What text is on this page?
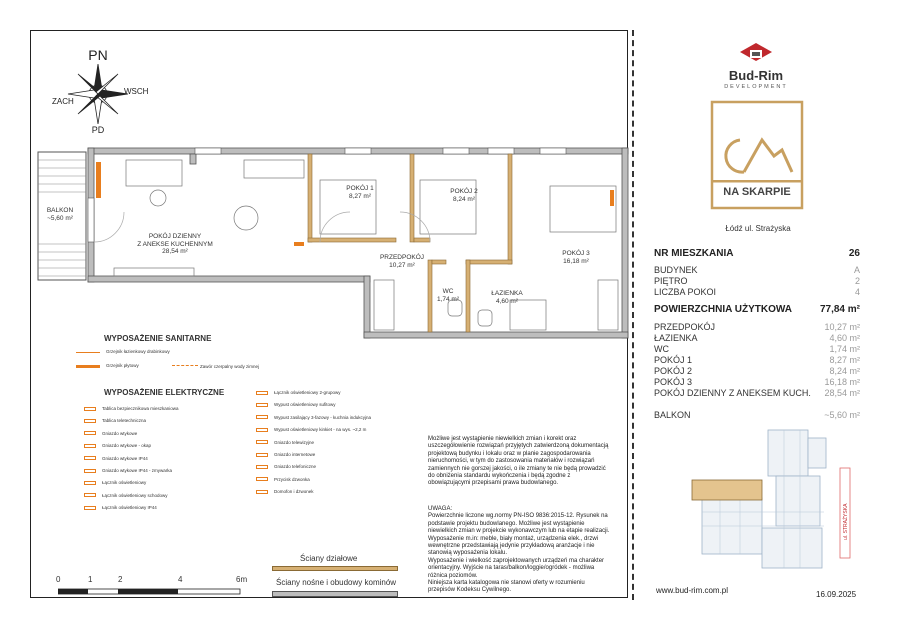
PN
PD
ZACH
WSCH
BALKON
~5,60 m²
POKÓJ DZIENNY
Z ANEKSE KUCHENNYM
28,54 m²
POKÓJ 1
8,27 m²
POKÓJ 2
8,24 m²
PRZEDPOKÓJ
10,27 m²
POKÓJ 3
16,18 m²
WC
1,74 m²
ŁAZIENKA
4,60 m²
WYPOSAŻENIE SANITARNE
Grzejnik łazienkowy drabinkowy
Grzejnik płytowy	Zawór czerpalny wody zimnej
WYPOSAŻENIE ELEKTRYCZNE
Tablica bezpiecznikowa mieszkaniowa
Tablica teletechniczna
Gniazdo wtykowe
Gniazdo wtykowe - okap
Gniazdo wtykowe IP44
Gniazdo wtykowe IP44 - zmywarka
Łącznik oświetleniowy
Łącznik oświetleniowy schodowy
Łącznik oświetleniowy IP44
Łącznik oświetleniowy 2-grupowy
Wypust oświetleniowy sufitowy
Wypust zasilający 3-fazowy - kuchnia indukcyjna
Wypust oświetleniowy kinkiet - na wys. ~2,2 m
Gniazdo telewizyjne
Gniazdo internetowe
Gniazdo telefoniczne
Przycisk dzwonka
Domofon i dzwonek
Możliwe jest wystąpienie niewielkich zmian i korekt oraz
uszczegółowienie rozwiązań przyjętych zatwierdzoną dokumentacją
projektową budynku i lokalu oraz w planie zagospodarowania
nieruchomości, w tym do zastosowania materiałów i rozwiązań
zamiennych nie gorszej jakości, o ile zmiany te nie będą prowadzić
do obniżenia standardu wykończenia i będą zgodne z
obowiązującymi przepisami prawa budowlanego.
UWAGA:
Powierzchnie liczone wg.normy PN-ISO 9836:2015-12. Rysunek na
podstawie projektu budowlanego. Możliwe jest wystąpienie
niewielkich zmian w projekcie wykonawczym lub na etapie realizacji.
Wyposażenie m.in: meble, biały montaż, urządzenia elek., drzwi
wewnętrzne przedstawiają jedynie przykładową aranżacje i nie
stanowią wyposażenia lokalu.
Wyposażenie i wielkość zaprojektowanych urządzeń ma charakter
orientacyjny. Wyjście na taras/balkon/loggie/ogródek - możliwa
różnica poziomów.
Niniejsza karta katalogowa nie stanowi oferty w rozumieniu
przepisów Kodeksu Cywilnego.
Ściany działowe
Ściany nośne i obudowy kominów
0	1	2	4	6m
Bud-Rim
DEVELOPMENT
NA SKARPIE
Łódź ul. Strażyska
NR MIESZKANIA	26
BUDYNEK	A
PIĘTRO	2
LICZBA POKOI	4
POWIERZCHNIA UŻYTKOWA	77,84 m²
PRZEDPOKÓJ	10,27 m²
ŁAZIENKA	4,60 m²
WC	1,74 m²
POKÓJ 1	8,27 m²
POKÓJ 2	8,24 m²
POKÓJ 3	16,18 m²
POKÓJ DZIENNY Z ANEKSEM KUCH. 28,54 m²
BALKON	~5,60 m²
ul. STRAŻYSKA
www.bud-rim.com.pl	16.09.2025
